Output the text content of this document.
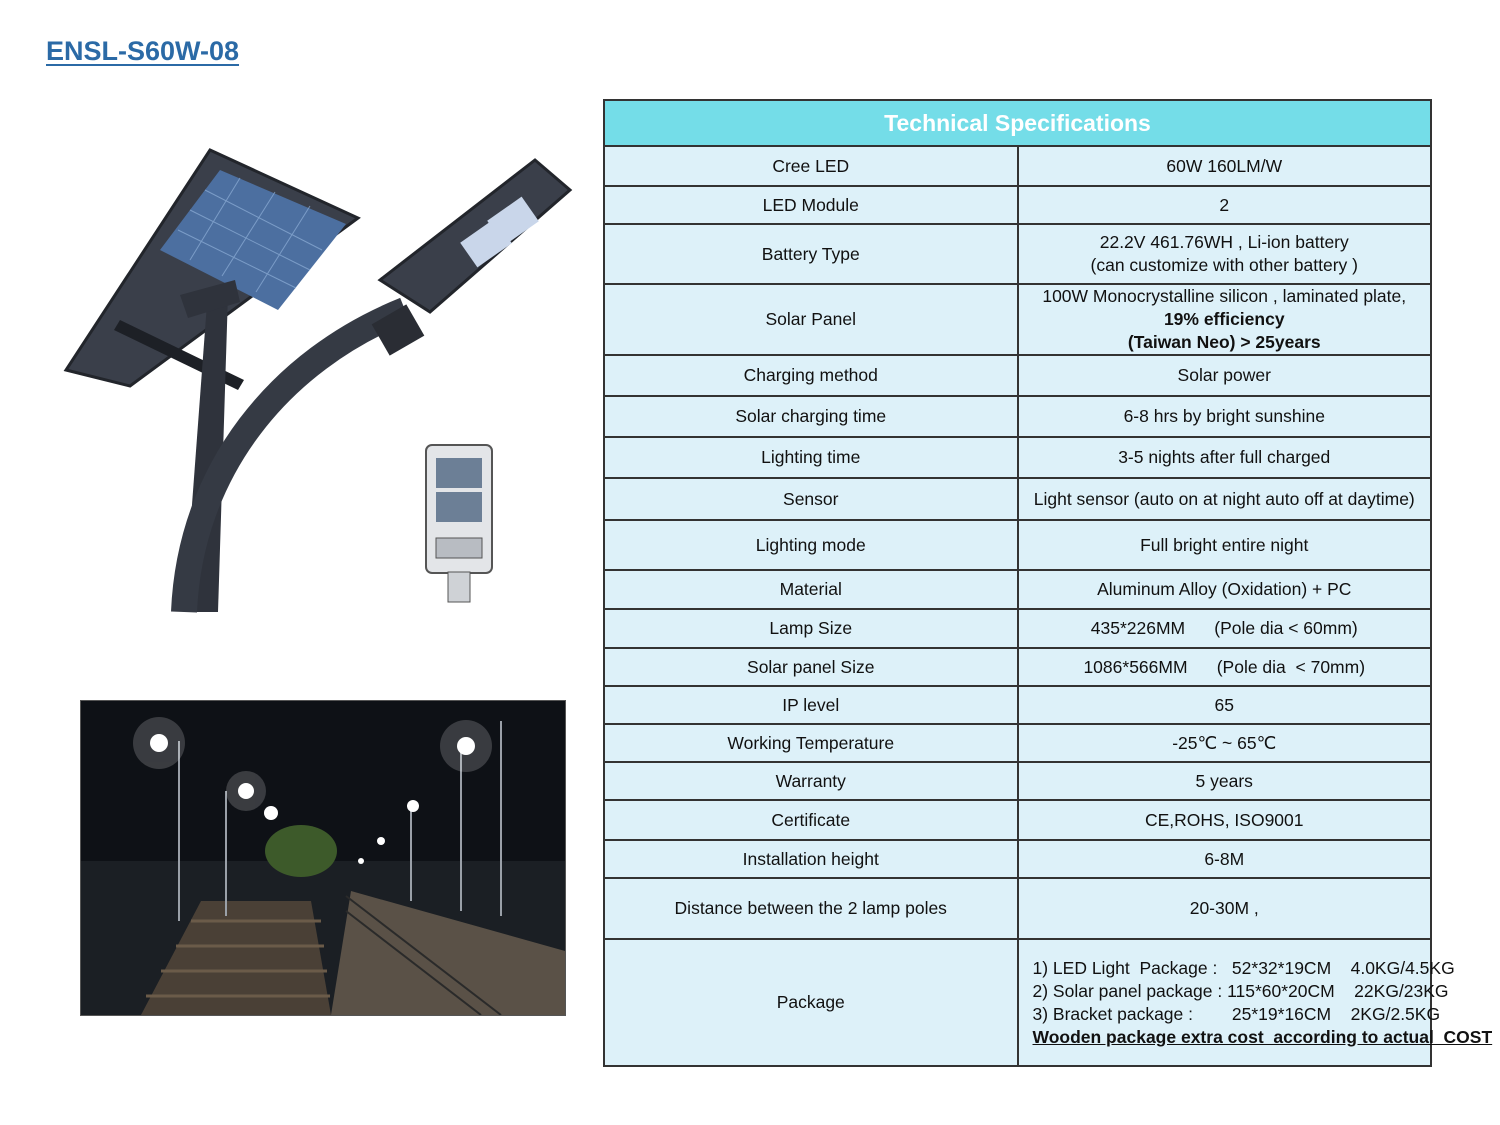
ENSL-S60W-08
Technical Specifications	
Cree LED	60W 160LM/W
LED Module	2
Battery Type	22.2V 461.76WH , Li-ion battery
(can customize with other battery )

Solar Panel	100W Monocrystalline silicon , laminated plate, 19% efficiency
(Taiwan Neo) > 25years

Charging method	Solar power
Solar charging time	6-8 hrs by bright sunshine
Lighting time	3-5 nights after full charged
Sensor	Light sensor (auto on at night auto off at daytime)
Lighting mode	Full bright entire night
Material	Aluminum Alloy (Oxidation) + PC
Lamp Size	435*226MM      (Pole dia < 60mm)
Solar panel Size	1086*566MM      (Pole dia  < 70mm)
IP level	65
Working Temperature	-25℃ ~ 65℃
Warranty	5 years
Certificate	CE,ROHS, ISO9001
Installation height	6-8M
Distance between the 2 lamp poles	20-30M ,
Package	1) LED Light  Package :   52*32*19CM    4.0KG/4.5KG
2) Solar panel package : 115*60*20CM    22KG/23KG
3) Bracket package :        25*19*16CM    2KG/2.5KG
Wooden package extra cost  according to actual  COST
